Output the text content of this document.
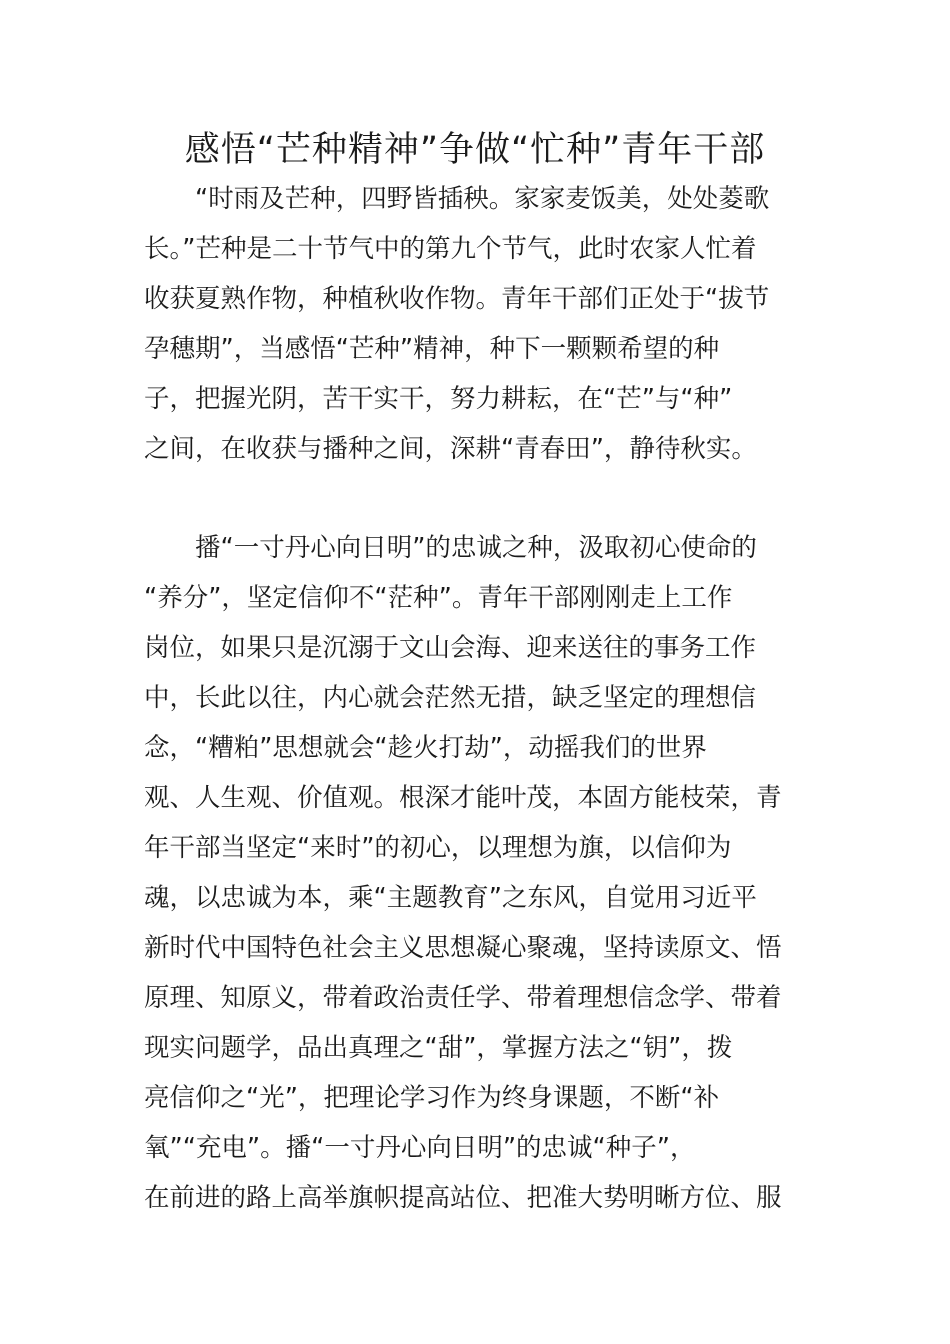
感悟“芒种精神”争做“忙种”青年干部
“时雨及芒种，四野皆插秧。家家麦饭美，处处菱歌
长。”芒种是二十节气中的第九个节气，此时农家人忙着
收获夏熟作物，种植秋收作物。青年干部们正处于“拔节
孕穗期”，当感悟“芒种”精神，种下一颗颗希望的种
子，把握光阴，苦干实干，努力耕耘，在“芒”与“种”
之间，在收获与播种之间，深耕“青春田”，静待秋实。
播“一寸丹心向日明”的忠诚之种，汲取初心使命的
“养分”，坚定信仰不“茫种”。青年干部刚刚走上工作
岗位，如果只是沉溺于文山会海、迎来送往的事务工作
中，长此以往，内心就会茫然无措，缺乏坚定的理想信
念，“糟粕”思想就会“趁火打劫”，动摇我们的世界
观、人生观、价值观。根深才能叶茂，本固方能枝荣，青
年干部当坚定“来时”的初心，以理想为旗，以信仰为
魂，以忠诚为本，乘“主题教育”之东风，自觉用习近平
新时代中国特色社会主义思想凝心聚魂，坚持读原文、悟
原理、知原义，带着政治责任学、带着理想信念学、带着
现实问题学，品出真理之“甜”，掌握方法之“钥”，拨
亮信仰之“光”，把理论学习作为终身课题，不断“补
氧”“充电”。播“一寸丹心向日明”的忠诚“种子”，
在前进的路上高举旗帜提高站位、把准大势明晰方位、服
